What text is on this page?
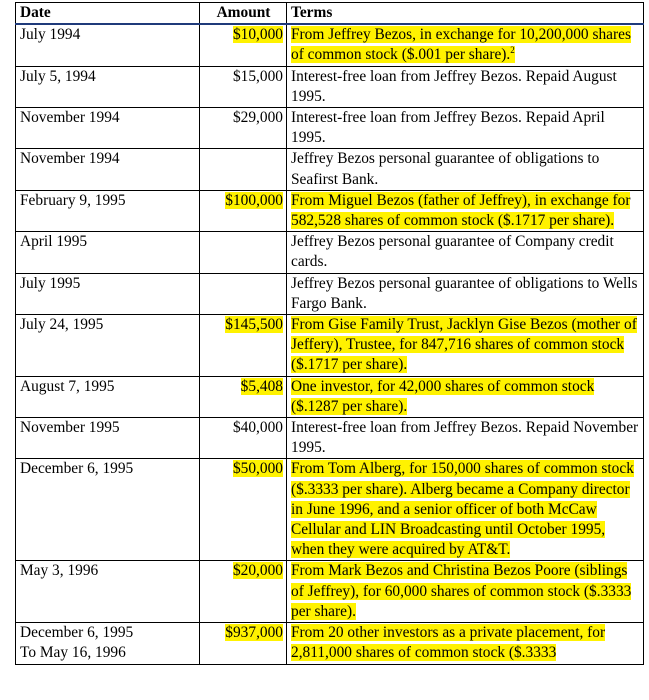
Date	Amount	Terms
July 1994	$10,000	From Jeffrey Bezos, in exchange for 10,200,000 shares of common stock ($.001 per share).$^2$
July 5, 1994	$15,000	Interest-free loan from Jeffrey Bezos. Repaid August 1995.
November 1994	$29,000	Interest-free loan from Jeffrey Bezos. Repaid April 1995.
November 1994		Jeffrey Bezos personal guarantee of obligations to Seafirst Bank.
February 9, 1995	$100,000	From Miguel Bezos (father of Jeffrey), in exchange for 582,528 shares of common stock ($.1717 per share).
April 1995		Jeffrey Bezos personal guarantee of Company credit cards.
July 1995		Jeffrey Bezos personal guarantee of obligations to Wells Fargo Bank.
July 24, 1995	$145,500	From Gise Family Trust, Jacklyn Gise Bezos (mother of Jeffery), Trustee, for 847,716 shares of common stock ($.1717 per share).
August 7, 1995	$5,408	One investor, for 42,000 shares of common stock ($.1287 per share).
November 1995	$40,000	Interest-free loan from Jeffrey Bezos. Repaid November 1995.
December 6, 1995	$50,000	From Tom Alberg, for 150,000 shares of common stock ($.3333 per share). Alberg became a Company director in June 1996, and a senior officer of both McCaw Cellular and LIN Broadcasting until October 1995, when they were acquired by AT&T.
May 3, 1996	$20,000	From Mark Bezos and Christina Bezos Poore (siblings of Jeffrey), for 60,000 shares of common stock ($.3333 per share).

December 6, 1995
To May 16, 1996	$937,000	From 20 other investors as a private placement, for 2,811,000 shares of common stock ($.3333
